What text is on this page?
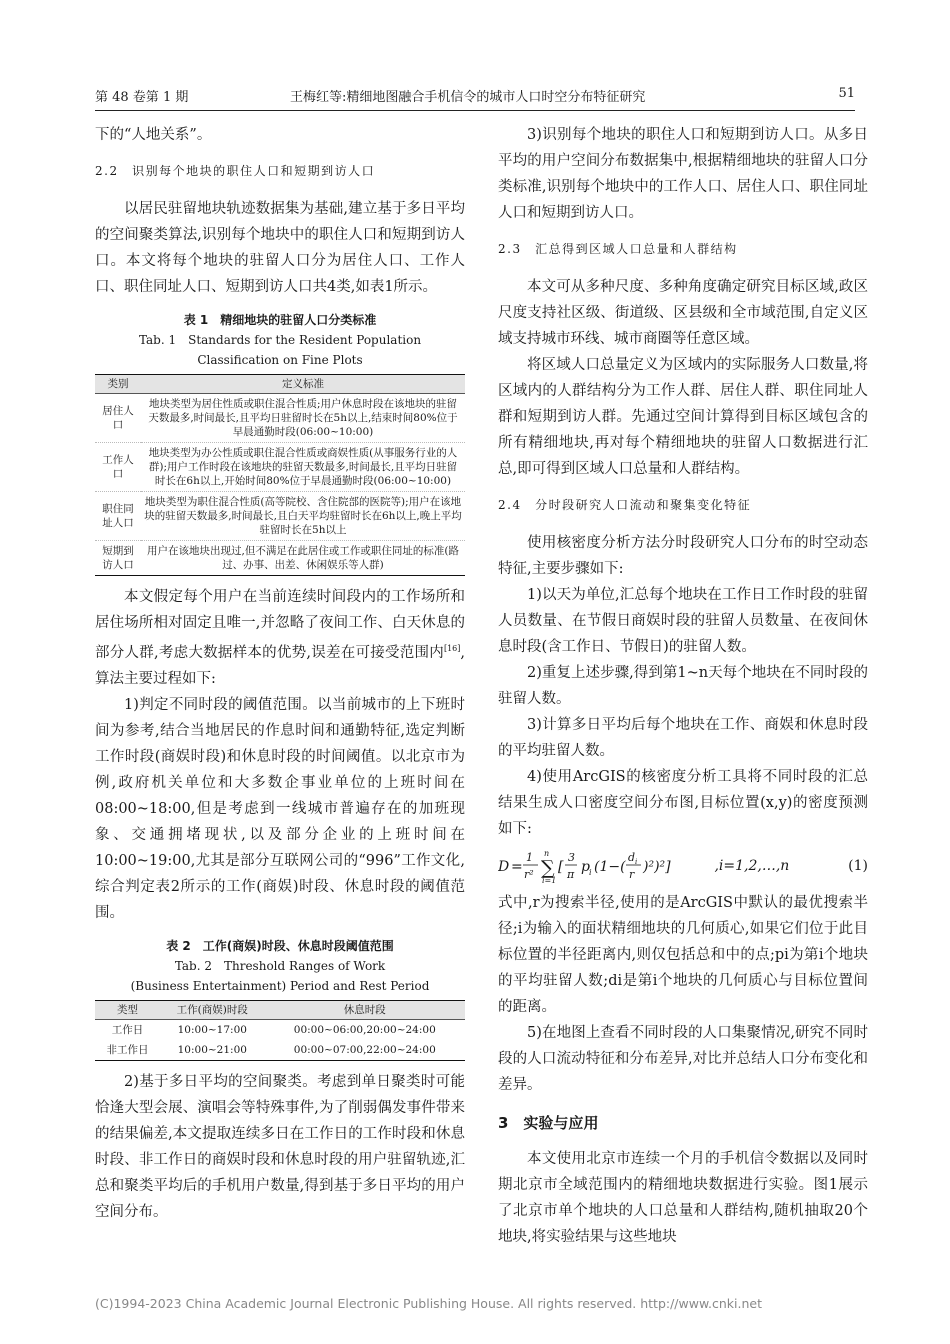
第 48 卷第 1 期	王梅红等:精细地图融合手机信令的城市人口时空分布特征研究	51

下的“人地关系”。

2.2　识别每个地块的职住人口和短期到访人口

以居民驻留地块轨迹数据集为基础,建立基于多日平均的空间聚类算法,识别每个地块中的职住人口和短期到访人口。本文将每个地块的驻留人口分为居住人口、工作人口、职住同址人口、短期到访人口共4类,如表1所示。

表 1　精细地块的驻留人口分类标准
Tab. 1　Standards for the Resident Population
Classification on Fine Plots
类别	定义标准
居住人口	地块类型为居住性质或职住混合性质;用户休息时段在该地块的驻留天数最多,时间最长,且平均日驻留时长在5h以上,结束时间80%位于早晨通勤时段(06:00~10:00)
工作人口	地块类型为办公性质或职住混合性质或商娱性质(从事服务行业的人群);用户工作时段在该地块的驻留天数最多,时间最长,且平均日驻留时长在6h以上,开始时间80%位于早晨通勤时段(06:00~10:00)
职住同址人口	地块类型为职住混合性质(高等院校、含住院部的医院等);用户在该地块的驻留天数最多,时间最长,且白天平均驻留时长在6h以上,晚上平均驻留时长在5h以上
短期到访人口	用户在该地块出现过,但不满足在此居住或工作或职住同址的标准(路过、办事、出差、休闲娱乐等人群)

本文假定每个用户在当前连续时间段内的工作场所和居住场所相对固定且唯一,并忽略了夜间工作、白天休息的部分人群,考虑大数据样本的优势,误差在可接受范围内[16],算法主要过程如下:

1)判定不同时段的阈值范围。以当前城市的上下班时间为参考,结合当地居民的作息时间和通勤特征,选定判断工作时段(商娱时段)和休息时段的时间阈值。以北京市为例,政府机关单位和大多数企事业单位的上班时间在08:00~18:00,但是考虑到一线城市普遍存在的加班现象、交通拥堵现状,以及部分企业的上班时间在10:00~19:00,尤其是部分互联网公司的“996”工作文化,综合判定表2所示的工作(商娱)时段、休息时段的阈值范围。

表 2　工作(商娱)时段、休息时段阈值范围
Tab. 2　Threshold Ranges of Work
(Business Entertainment) Period and Rest Period
类型	工作(商娱)时段	休息时段
工作日	10:00~17:00	00:00~06:00,20:00~24:00
非工作日	10:00~21:00	00:00~07:00,22:00~24:00

2)基于多日平均的空间聚类。考虑到单日聚类时可能恰逢大型会展、演唱会等特殊事件,为了削弱偶发事件带来的结果偏差,本文提取连续多日在工作日的工作时段和休息时段、非工作日的商娱时段和休息时段的用户驻留轨迹,汇总和聚类平均后的手机用户数量,得到基于多日平均的用户空间分布。

3)识别每个地块的职住人口和短期到访人口。从多日平均的用户空间分布数据集中,根据精细地块的驻留人口分类标准,识别每个地块中的工作人口、居住人口、职住同址人口和短期到访人口。

2.3　汇总得到区域人口总量和人群结构

本文可从多种尺度、多种角度确定研究目标区域,政区尺度支持社区级、街道级、区县级和全市域范围,自定义区域支持城市环线、城市商圈等任意区域。

将区域人口总量定义为区域内的实际服务人口数量,将区域内的人群结构分为工作人群、居住人群、职住同址人群和短期到访人群。先通过空间计算得到目标区域包含的所有精细地块,再对每个精细地块的驻留人口数据进行汇总,即可得到区域人口总量和人群结构。

2.4　分时段研究人口流动和聚集变化特征

使用核密度分析方法分时段研究人口分布的时空动态特征,主要步骤如下:

1)以天为单位,汇总每个地块在工作日工作时段的驻留人员数量、在节假日商娱时段的驻留人员数量、在夜间休息时段(含工作日、节假日)的驻留人数。

2)重复上述步骤,得到第1~n天每个地块在不同时段的驻留人数。

3)计算多日平均后每个地块在工作、商娱和休息时段的平均驻留人数。

4)使用ArcGIS的核密度分析工具将不同时段的汇总结果生成人口密度空间分布图,目标位置(x,y)的密度预测如下:

D =
1
r² ∑
n
i=1
[
3
π p i (1−(
d i
r )²)²]	,i=1,2,…,n	(1)

式中,r为搜索半径,使用的是ArcGIS中默认的最优搜索半径;i为输入的面状精细地块的几何质心,如果它们位于此目标位置的半径距离内,则仅包括总和中的点;pi为第i个地块的平均驻留人数;di是第i个地块的几何质心与目标位置间的距离。

5)在地图上查看不同时段的人口集聚情况,研究不同时段的人口流动特征和分布差异,对比并总结人口分布变化和差异。

3　实验与应用

本文使用北京市连续一个月的手机信令数据以及同时期北京市全域范围内的精细地块数据进行实验。图1展示了北京市单个地块的人口总量和人群结构,随机抽取20个地块,将实验结果与这些地块

(C)1994-2023 China Academic Journal Electronic Publishing House. All rights reserved. http://www.cnki.net
